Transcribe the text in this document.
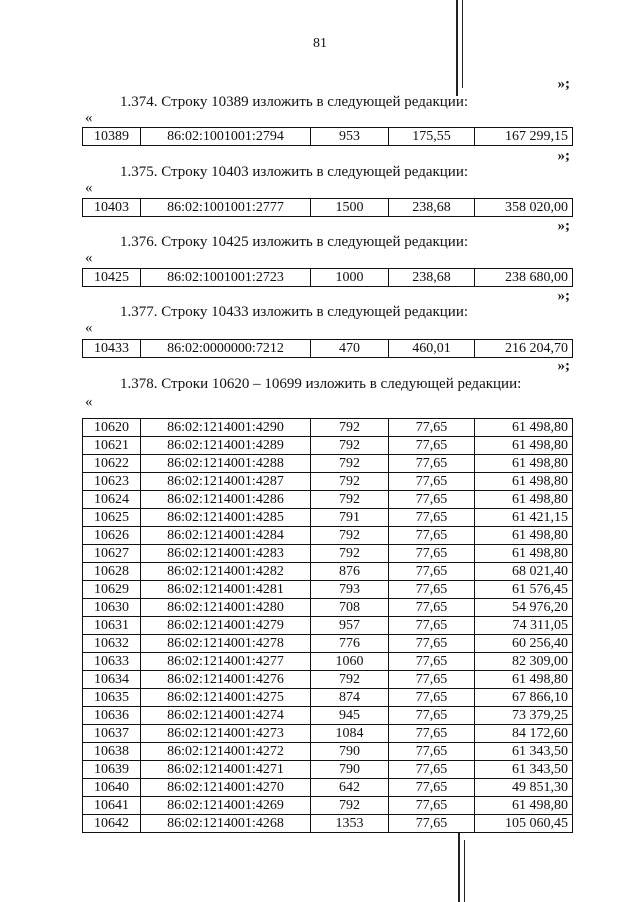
81
»;
1.374. Строку 10389 изложить в следующей редакции:
«
10389	86:02:1001001:2794	953	175,55	167 299,15
»;
1.375. Строку 10403 изложить в следующей редакции:
«
10403	86:02:1001001:2777	1500	238,68	358 020,00
»;
1.376. Строку 10425 изложить в следующей редакции:
«
10425	86:02:1001001:2723	1000	238,68	238 680,00
»;
1.377. Строку 10433 изложить в следующей редакции:
«
10433	86:02:0000000:7212	470	460,01	216 204,70
»;
1.378. Строки 10620 – 10699 изложить в следующей редакции:
«
10620	86:02:1214001:4290	792	77,65	61 498,80
10621	86:02:1214001:4289	792	77,65	61 498,80
10622	86:02:1214001:4288	792	77,65	61 498,80
10623	86:02:1214001:4287	792	77,65	61 498,80
10624	86:02:1214001:4286	792	77,65	61 498,80
10625	86:02:1214001:4285	791	77,65	61 421,15
10626	86:02:1214001:4284	792	77,65	61 498,80
10627	86:02:1214001:4283	792	77,65	61 498,80
10628	86:02:1214001:4282	876	77,65	68 021,40
10629	86:02:1214001:4281	793	77,65	61 576,45
10630	86:02:1214001:4280	708	77,65	54 976,20
10631	86:02:1214001:4279	957	77,65	74 311,05
10632	86:02:1214001:4278	776	77,65	60 256,40
10633	86:02:1214001:4277	1060	77,65	82 309,00
10634	86:02:1214001:4276	792	77,65	61 498,80
10635	86:02:1214001:4275	874	77,65	67 866,10
10636	86:02:1214001:4274	945	77,65	73 379,25
10637	86:02:1214001:4273	1084	77,65	84 172,60
10638	86:02:1214001:4272	790	77,65	61 343,50
10639	86:02:1214001:4271	790	77,65	61 343,50
10640	86:02:1214001:4270	642	77,65	49 851,30
10641	86:02:1214001:4269	792	77,65	61 498,80
10642	86:02:1214001:4268	1353	77,65	105 060,45
